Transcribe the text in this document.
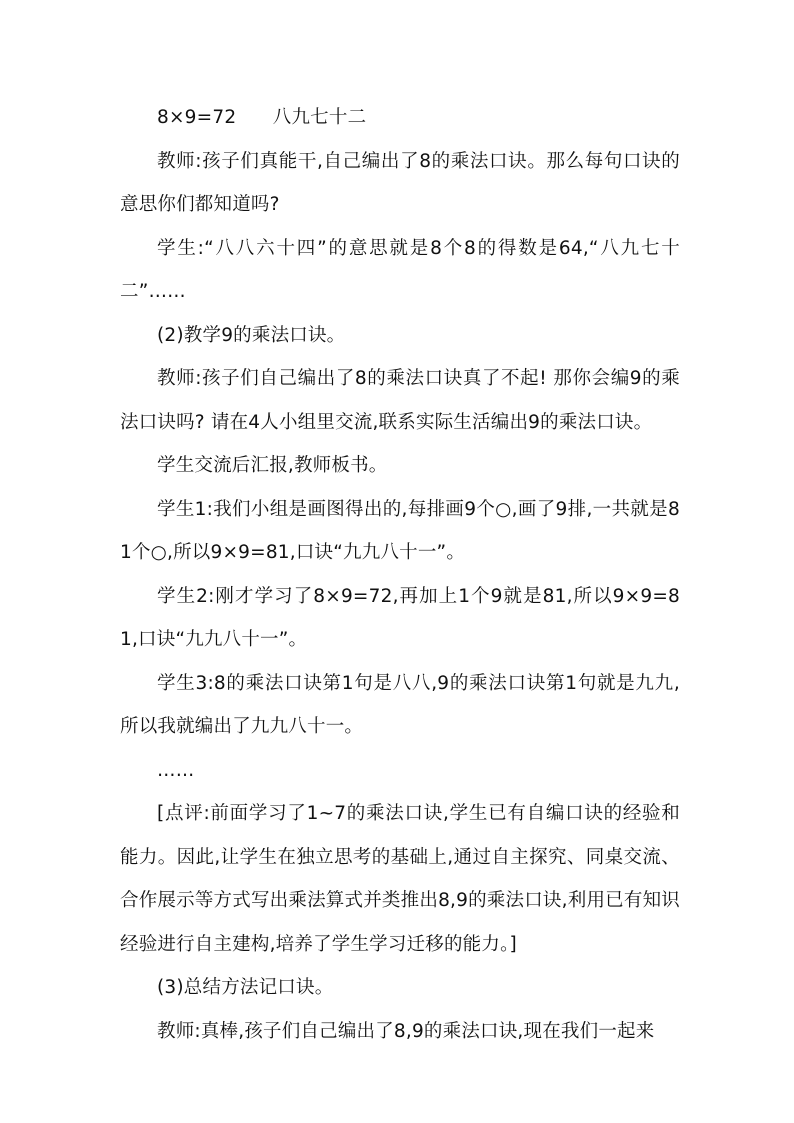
8×9=72      八九七十二

教师:孩子们真能干,自己编出了8的乘法口诀。那么每句口诀的意思你们都知道吗?

学生:“八八六十四”的意思就是8个8的得数是64,“八九七十二”……

(2)教学9的乘法口诀。

教师:孩子们自己编出了8的乘法口诀真了不起! 那你会编9的乘法口诀吗? 请在4人小组里交流,联系实际生活编出9的乘法口诀。

学生交流后汇报,教师板书。

学生1:我们小组是画图得出的,每排画9个○,画了9排,一共就是81个○,所以9×9=81,口诀“九九八十一”。

学生2:刚才学习了8×9=72,再加上1个9就是81,所以9×9=81,口诀“九九八十一”。

学生3:8的乘法口诀第1句是八八,9的乘法口诀第1句就是九九,所以我就编出了九九八十一。

……

[点评:前面学习了1~7的乘法口诀,学生已有自编口诀的经验和能力。因此,让学生在独立思考的基础上,通过自主探究、同桌交流、合作展示等方式写出乘法算式并类推出8,9的乘法口诀,利用已有知识经验进行自主建构,培养了学生学习迁移的能力。]

(3)总结方法记口诀。

教师:真棒,孩子们自己编出了8,9的乘法口诀,现在我们一起来
